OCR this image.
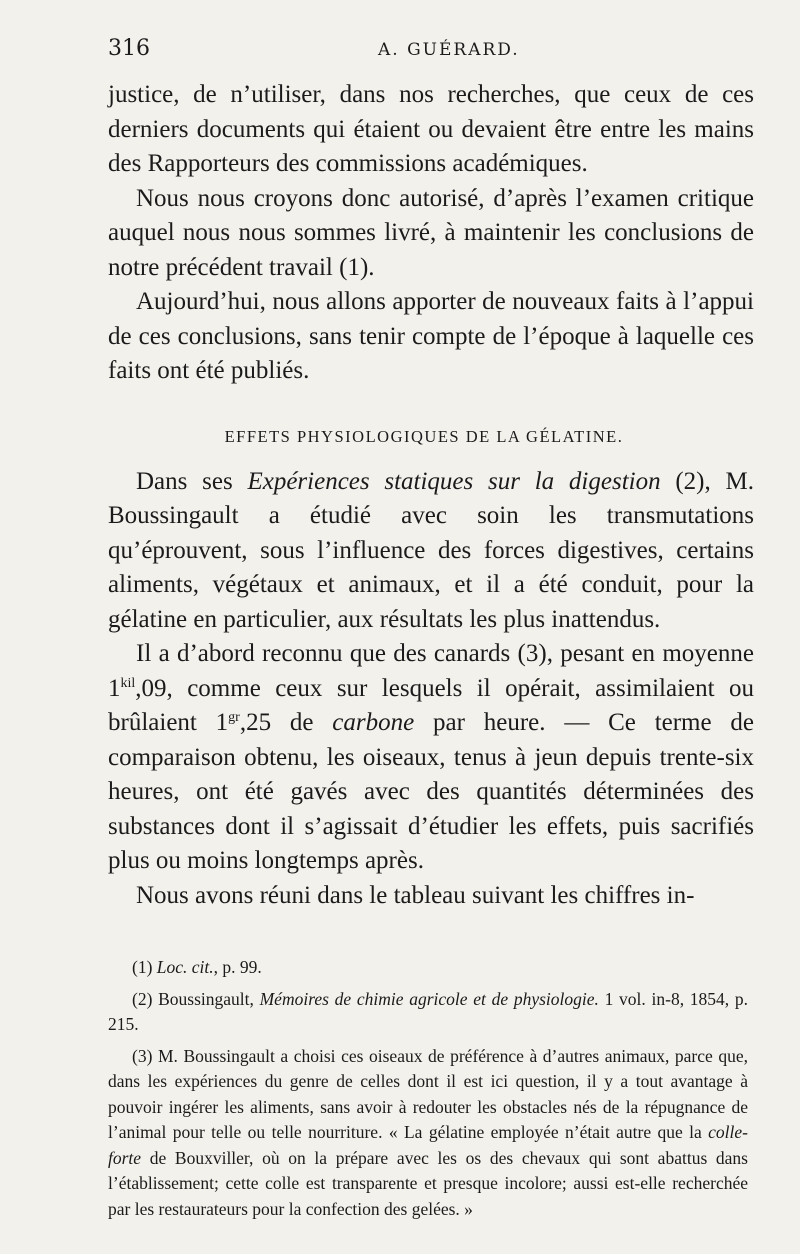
316	A. GUÉRARD.

justice, de n’utiliser, dans nos recherches, que ceux de ces derniers documents qui étaient ou devaient être entre les mains des Rapporteurs des commissions académiques.

Nous nous croyons donc autorisé, d’après l’examen critique auquel nous nous sommes livré, à maintenir les conclusions de notre précédent travail (1).

Aujourd’hui, nous allons apporter de nouveaux faits à l’appui de ces conclusions, sans tenir compte de l’époque à laquelle ces faits ont été publiés.

EFFETS PHYSIOLOGIQUES DE LA GÉLATINE.

Dans ses Expériences statiques sur la digestion (2), M. Boussingault a étudié avec soin les transmutations qu’éprouvent, sous l’influence des forces digestives, certains aliments, végétaux et animaux, et il a été conduit, pour la gélatine en particulier, aux résultats les plus inattendus.

Il a d’abord reconnu que des canards (3), pesant en moyenne $1^{kil},09$, comme ceux sur lesquels il opérait, assimilaient ou brûlaient $1^{gr},25$ de carbone par heure. — Ce terme de comparaison obtenu, les oiseaux, tenus à jeun depuis trente-six heures, ont été gavés avec des quantités déterminées des substances dont il s’agissait d’étudier les effets, puis sacrifiés plus ou moins longtemps après.

Nous avons réuni dans le tableau suivant les chiffres in-

(1) Loc. cit., p. 99.

(2) Boussingault, Mémoires de chimie agricole et de physiologie. 1 vol. in-8, 1854, p. 215.

(3) M. Boussingault a choisi ces oiseaux de préférence à d’autres animaux, parce que, dans les expériences du genre de celles dont il est ici question, il y a tout avantage à pouvoir ingérer les aliments, sans avoir à redouter les obstacles nés de la répugnance de l’animal pour telle ou telle nourriture. « La gélatine employée n’était autre que la colle-forte de Bouxviller, où on la prépare avec les os des chevaux qui sont abattus dans l’établissement; cette colle est transparente et presque incolore; aussi est-elle recherchée par les restaurateurs pour la confection des gelées. »
